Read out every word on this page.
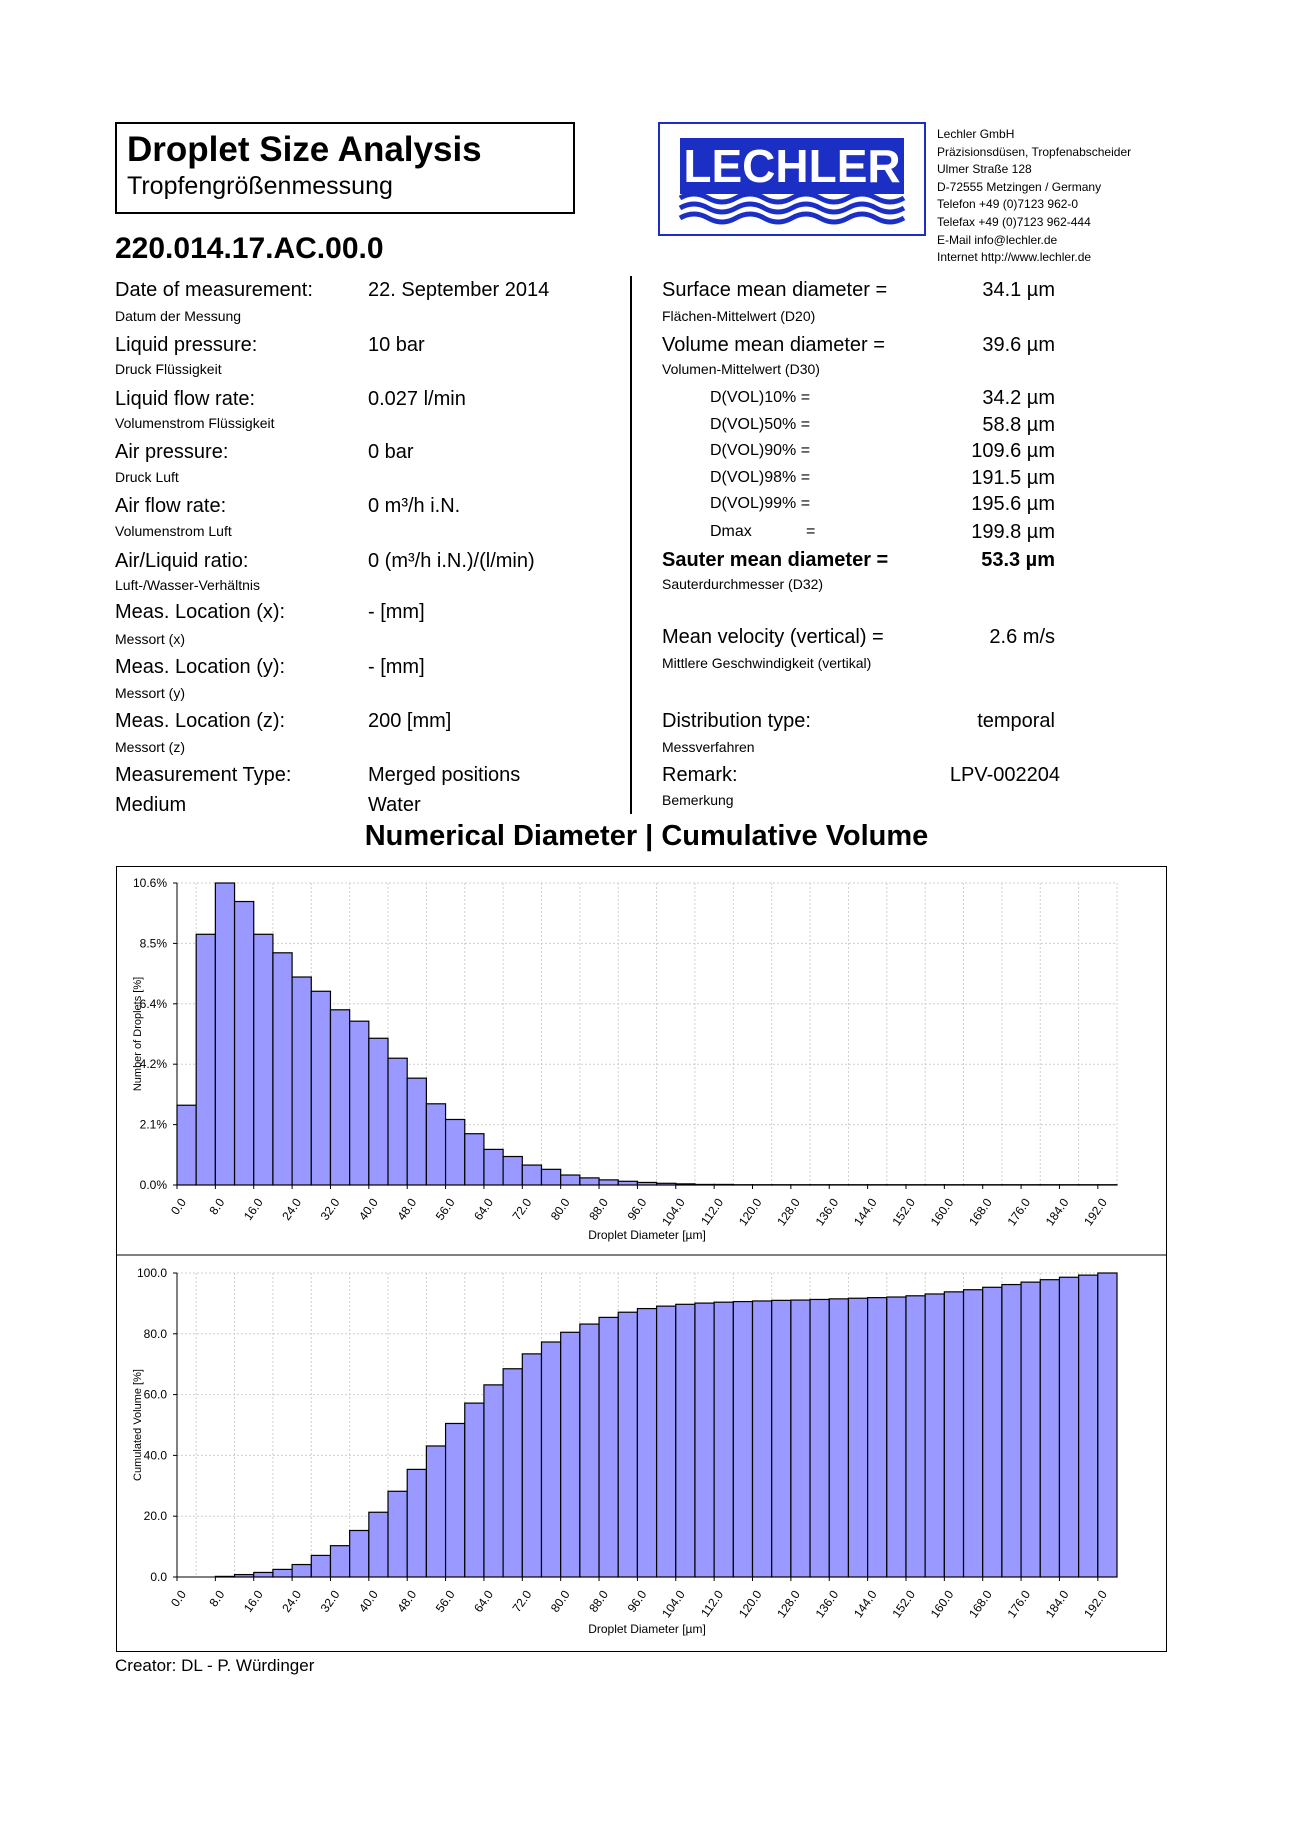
Droplet Size Analysis
Tropfengrößenmessung	LECHLER
Lechler GmbH
Präzisionsdüsen, Tropfenabscheider
Ulmer Straße 128
D-72555 Metzingen / Germany
Telefon +49 (0)7123 962-0
Telefax +49 (0)7123 962-444
E-Mail info@lechler.de
Internet http://www.lechler.de
220.014.17.AC.00.0
Date of measurement:
Datum der Messung
22. September 2014
Liquid pressure:
Druck Flüssigkeit
10 bar
Liquid flow rate:
Volumenstrom Flüssigkeit
0.027 l/min
Air pressure:
Druck Luft
0 bar
Air flow rate:
Volumenstrom Luft
0 m³/h i.N.
Air/Liquid ratio:
Luft-/Wasser-Verhältnis
0 (m³/h i.N.)/(l/min)
Meas. Location (x):
Messort (x)
- [mm]
Meas. Location (y):
Messort (y)
- [mm]
Meas. Location (z):
Messort (z)
200 [mm]
Measurement Type:	Merged positions
Medium	Water
Surface mean diameter =
Flächen-Mittelwert (D20)
34.1 µm
Volume mean diameter =
Volumen-Mittelwert (D30)
39.6 µm
D(VOL)10% =	34.2 µm
D(VOL)50% =	58.8 µm
D(VOL)90% =	109.6 µm
D(VOL)98% =	191.5 µm
D(VOL)99% =	195.6 µm
Dmax	=	199.8 µm
Sauter mean diameter =
Sauterdurchmesser (D32)
53.3 µm
Mean velocity (vertical) =
Mittlere Geschwindigkeit (vertikal)
2.6 m/s
Distribution type:
Messverfahren
temporal
Remark:
Bemerkung
LPV-002204
Numerical Diameter | Cumulative Volume
0.0%
2.1%
4.2%
6.4%
8.5%
10.6%
0.0 8.0 16.0 24.0 32.0 40.0 48.0 56.0 64.0 72.0 80.0 88.0 96.0 104.0 112.0 120.0 128.0 136.0 144.0 152.0 160.0 168.0 176.0 184.0 192.0
Droplet Diameter [µm]
Number of Droplets [%]
0.0
20.0
40.0
60.0
80.0
100.0
0.0 8.0 16.0 24.0 32.0 40.0 48.0 56.0 64.0 72.0 80.0 88.0 96.0 104.0 112.0 120.0 128.0 136.0 144.0 152.0 160.0 168.0 176.0 184.0 192.0
Droplet Diameter [µm]
Cumulated Volume [%]
Creator: DL - P. Würdinger
